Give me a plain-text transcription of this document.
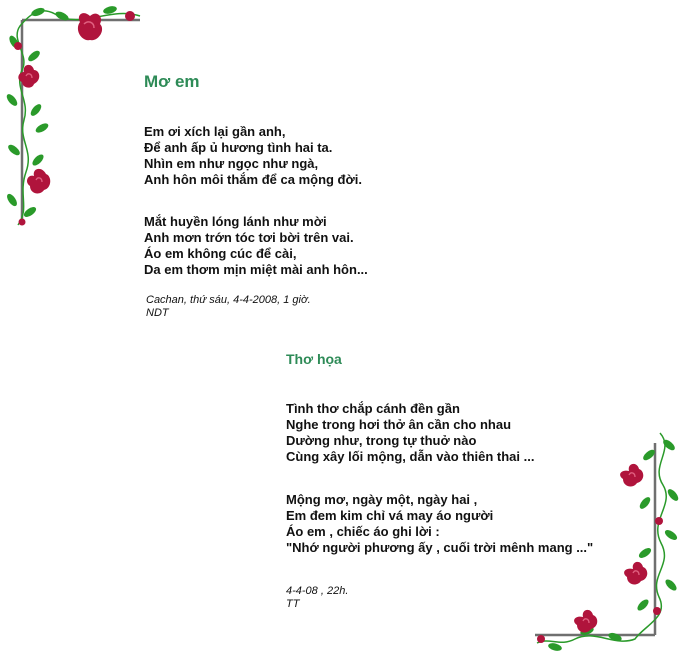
Mơ em
Em ơi xích lại gần anh,
Để anh ấp ủ hương tình hai ta.
Nhìn em như ngọc như ngà,
Anh hôn môi thắm để ca mộng đời.
Mắt huyền lóng lánh như mời
Anh mơn trớn tóc tơi bời trên vai.
Áo em không cúc để cài,
Da em thơm mịn miệt mài anh hôn...
Cachan, thứ sáu, 4-4-2008, 1 giờ.
NDT
Thơ họa
Tình thơ chắp cánh đền gần
Nghe trong hơi thở ân cần cho nhau
Dường như, trong tự thuở nào
Cùng xây lối mộng, dẫn vào thiên thai ...
Mộng mơ, ngày một, ngày hai ,
Em đem kim chỉ vá may áo người
Áo em , chiếc áo ghi lời :
"Nhớ người phương ấy , cuối trời mênh mang ..."
4-4-08 , 22h.
TT
